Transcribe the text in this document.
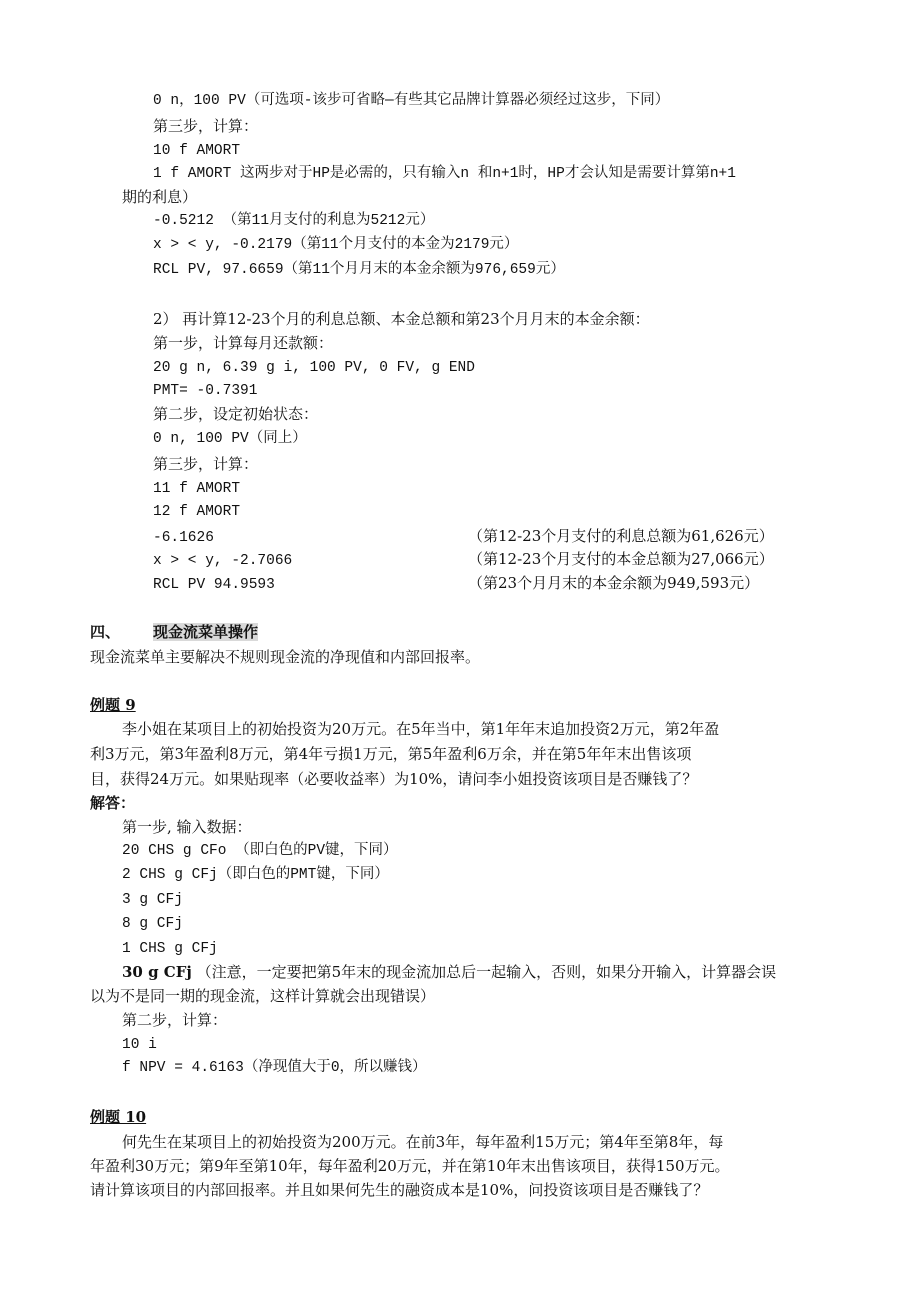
0 n，100 PV（可选项-该步可省略—有些其它品牌计算器必须经过这步，下同）
第三步，计算：
10 f AMORT
1 f AMORT 这两步对于HP是必需的，只有输入n 和n+1时，HP才会认知是需要计算第n+1
期的利息）
-0.5212 （第11月支付的利息为5212元）
x > < y, -0.2179（第11个月支付的本金为2179元）
RCL PV, 97.6659（第11个月月末的本金余额为976,659元）
2） 再计算12-23个月的利息总额、本金总额和第23个月月末的本金余额：
第一步，计算每月还款额：
20 g n, 6.39 g i, 100 PV, 0 FV, g END
PMT= -0.7391
第二步，设定初始状态：
0 n, 100 PV（同上）
第三步，计算：
11 f AMORT
12 f AMORT
-6.1626	（第12-23个月支付的利息总额为61,626元）
x > < y, -2.7066	（第12-23个月支付的本金总额为27,066元）
RCL PV 94.9593	（第23个月月末的本金余额为949,593元）
四、 现金流菜单操作
现金流菜单主要解决不规则现金流的净现值和内部回报率。
例题 9
李小姐在某项目上的初始投资为20万元。在5年当中，第1年年末追加投资2万元，第2年盈
利3万元，第3年盈利8万元，第4年亏损1万元，第5年盈利6万余，并在第5年年末出售该项
目，获得24万元。如果贴现率（必要收益率）为10%，请问李小姐投资该项目是否赚钱了？
解答：
第一步, 输入数据：
20 CHS g CFo （即白色的PV键，下同）
2 CHS g CFj（即白色的PMT键，下同）
3 g CFj
8 g CFj
1 CHS g CFj
30 g CFj （注意，一定要把第5年末的现金流加总后一起输入，否则，如果分开输入，计算器会误
以为不是同一期的现金流，这样计算就会出现错误）
第二步，计算：
10 i
f NPV = 4.6163（净现值大于0，所以赚钱）
例题 10
何先生在某项目上的初始投资为200万元。在前3年，每年盈利15万元；第4年至第8年，每
年盈利30万元；第9年至第10年，每年盈利20万元，并在第10年末出售该项目，获得150万元。
请计算该项目的内部回报率。并且如果何先生的融资成本是10%，问投资该项目是否赚钱了？
